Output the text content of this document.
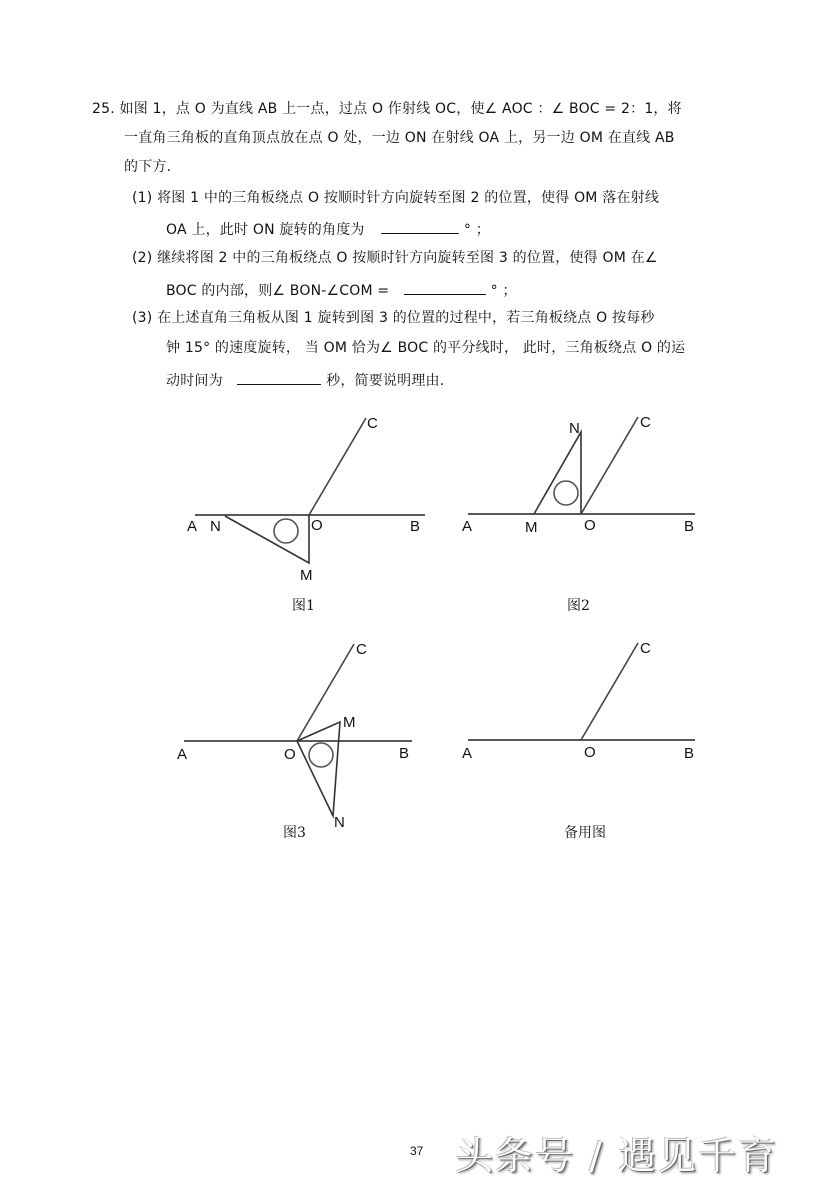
25. 如图 1，点 O 为直线 AB 上一点，过点 O 作射线 OC，使∠ AOC ：∠ BOC = 2：1，将
一直角三角板的直角顶点放在点 O 处，一边 ON 在射线 OA 上，另一边 OM 在直线 AB
的下方.
(1) 将图 1 中的三角板绕点 O 按顺时针方向旋转至图 2 的位置，使得 OM 落在射线
OA 上，此时 ON 旋转的角度为	° ；
(2) 继续将图 2 中的三角板绕点 O 按顺时针方向旋转至图 3 的位置，使得 OM 在∠
BOC 的内部，则∠ BON-∠COM =	° ；
(3) 在上述直角三角板从图 1 旋转到图 3 的位置的过程中，若三角板绕点 O 按每秒
钟 15° 的速度旋转， 当 OM 恰为∠ BOC 的平分线时， 此时，三角板绕点 O 的运
动时间为	秒，简要说明理由.
A N	O	B
C
M
A	M	O	B
C
N
A	O	B
C
M
N
A	O	B
C
图1	图2
图3	备用图
37 头条号 / 遇见千育
